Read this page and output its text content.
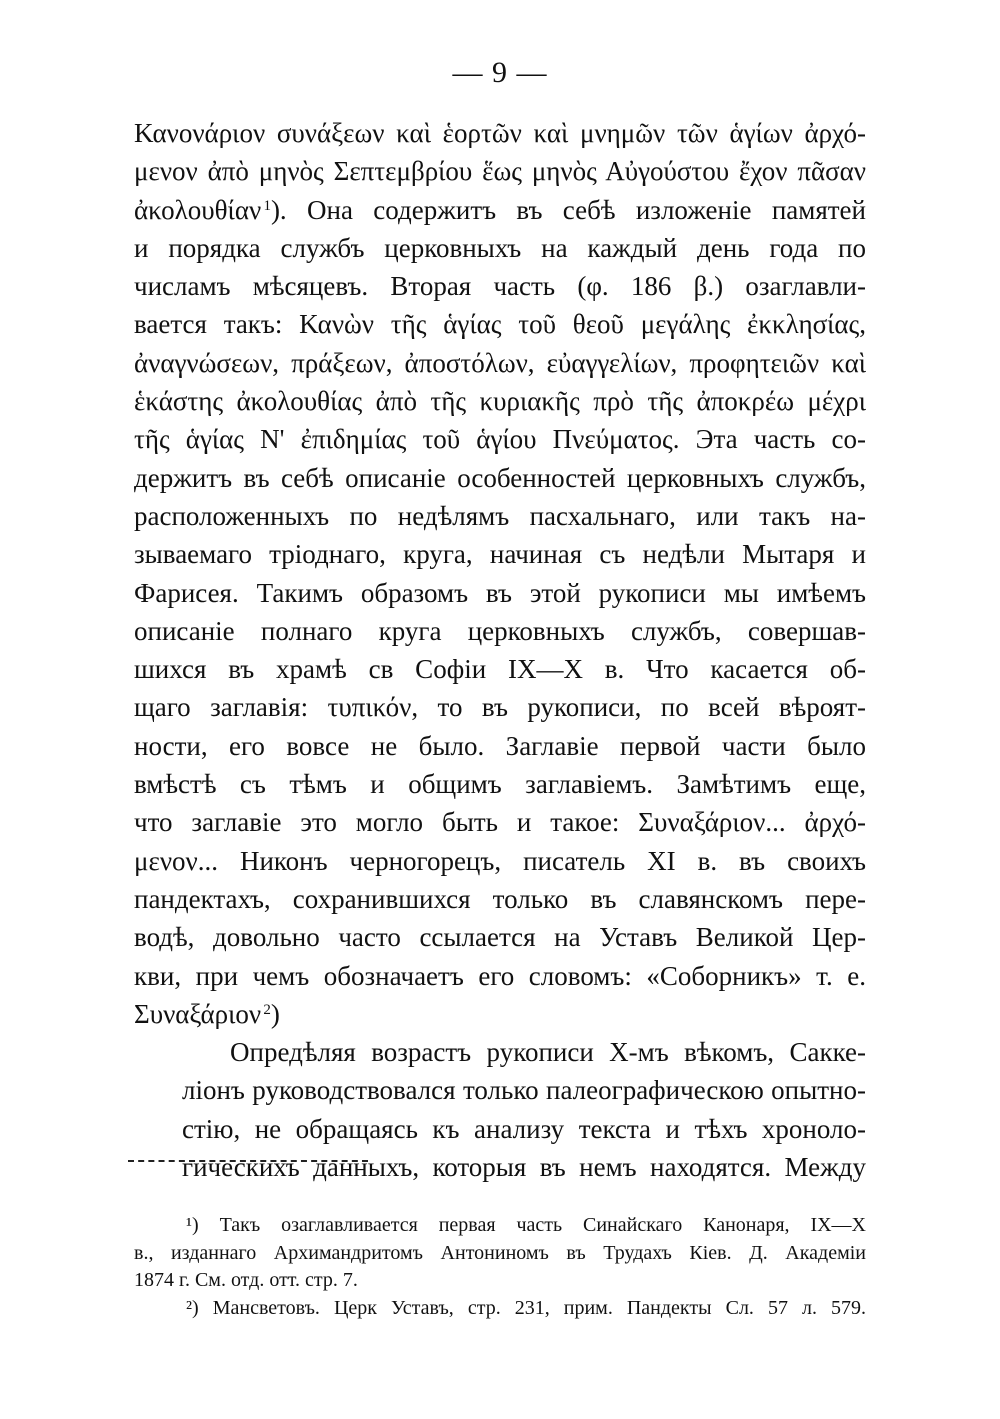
— 9 —

Κανονάριον συνάξεων καὶ ἑορτῶν καὶ μνημῶν τῶν ἁγίων ἀρχό-
μενον ἀπὸ μηνὸς Σεπτεμβρίου ἕως μηνὸς Αὐγούστου ἔχον πᾶσαν
ἀκολουθίαν  $^1$). Она содержитъ въ себѣ изложеніе памятей
и порядка службъ церковныхъ на каждый день года по
числамъ мѣсяцевъ. Вторая часть (φ. 186 β.) озаглавли-
вается такъ: Κανὼν τῆς ἁγίας τοῦ θεοῦ μεγάλης ἐκκλησίας,
ἀναγνώσεων, πράξεων, ἀποστόλων, εὐαγγελίων, προφητειῶν καὶ
ἑκάστης ἀκολουθίας ἀπὸ τῆς κυριακῆς πρὸ τῆς ἀποκρέω μέχρι
τῆς ἁγίας Ν' ἐπιδημίας τοῦ ἁγίου Πνεύματος. Эта часть со-
держитъ въ себѣ описаніе особенностей церковныхъ службъ,
расположенныхъ по недѣлямъ пасхальнаго, или такъ на-
зываемаго тріоднаго, круга, начиная съ недѣли Мытаря и
Фарисея. Такимъ образомъ въ этой рукописи мы имѣемъ
описаніе полнаго круга церковныхъ службъ, совершав-
шихся въ храмѣ св Софіи IX—X в. Что касается об-
щаго заглавія: τυπικόν, то въ рукописи, по всей вѣроят-
ности, его вовсе не было. Заглавіе первой части было
вмѣстѣ съ тѣмъ и общимъ заглавіемъ. Замѣтимъ еще,
что заглавіе это могло быть и такое: Συναξάριον... ἀρχό-
μενον... Никонъ черногорецъ, писатель XI в. въ своихъ
пандектахъ, сохранившихся только въ славянскомъ пере-
водѣ, довольно часто ссылается на Уставъ Великой Цер-
кви, при чемъ обозначаетъ его словомъ: «Соборникъ» т. е.
Συναξάριον  $^2$)

Опредѣляя возрастъ рукописи X-мъ вѣкомъ, Сакке-
ліонъ руководствовался только палеографическою опытно-
стію, не обращаясь къ анализу текста и тѣхъ хроноло-
гическихъ данныхъ, которыя въ немъ находятся. Между

¹) Такъ озаглавливается первая часть Синайскаго Канонаря, IX—X
в., изданнаго Архимандритомъ Антониномъ въ Трудахъ Кіев. Д. Академіи
1874 г. См. отд. отт. стр. 7.
²) Мансветовъ. Церк Уставъ, стр. 231, прим. Пандекты Сл. 57 л. 579.
